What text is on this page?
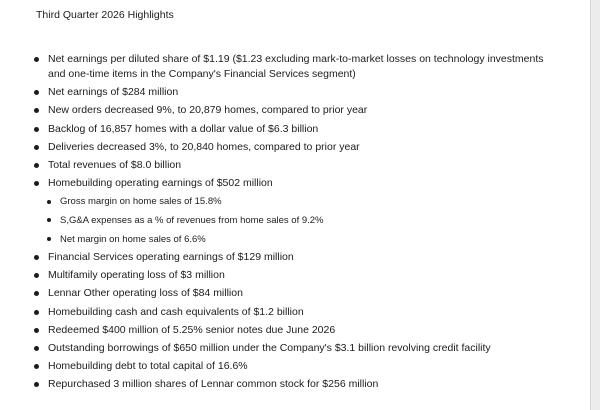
Third Quarter 2026 Highlights
Net earnings per diluted share of $1.19 ($1.23 excluding mark-to-market losses on technology investments and one-time items in the Company's Financial Services segment)
Net earnings of $284 million
New orders decreased 9%, to 20,879 homes, compared to prior year
Backlog of 16,857 homes with a dollar value of $6.3 billion
Deliveries decreased 3%, to 20,840 homes, compared to prior year
Total revenues of $8.0 billion
Homebuilding operating earnings of $502 million
Gross margin on home sales of 15.8%
S,G&A expenses as a % of revenues from home sales of 9.2%
Net margin on home sales of 6.6%
Financial Services operating earnings of $129 million
Multifamily operating loss of $3 million
Lennar Other operating loss of $84 million
Homebuilding cash and cash equivalents of $1.2 billion
Redeemed $400 million of 5.25% senior notes due June 2026
Outstanding borrowings of $650 million under the Company's $3.1 billion revolving credit facility
Homebuilding debt to total capital of 16.6%
Repurchased 3 million shares of Lennar common stock for $256 million
